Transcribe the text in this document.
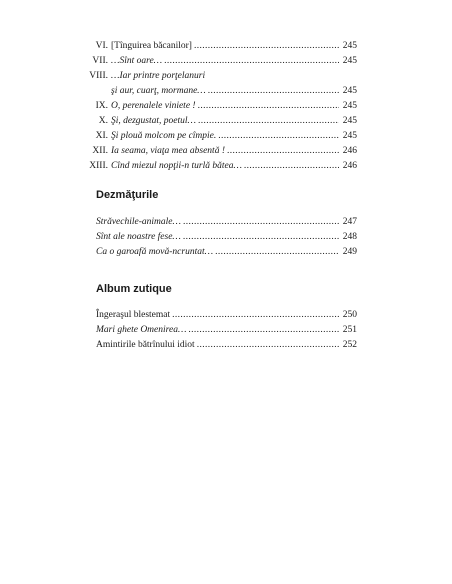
VI. [Tînguirea băcanilor] . . .	245
VII. …Sînt oare… . . .	245
VIII. …Iar printre porţelanuri
şi aur, cuarţ, mormane… . . .	245
IX. O, perenalele viniete ! . . .	245
X. Şi, dezgustat, poetul… . . .	245
XI. Şi plouă molcom pe cîmpie. . . .	245
XII. Ia seama, viaţa mea absentă ! . . .	246
XIII. Cînd miezul nopţii-n turlă bătea… . . .	246
Dezmăţurile
Străvechile-animale… . . .	247
Sînt ale noastre fese… . . .	248
Ca o garoafă movă-ncruntat… . . .	249
Album zutique
Îngeraşul blestemat . . .	250
Mari ghete Omenirea… . . .	251
Amintirile bătrînului idiot . . .	252
